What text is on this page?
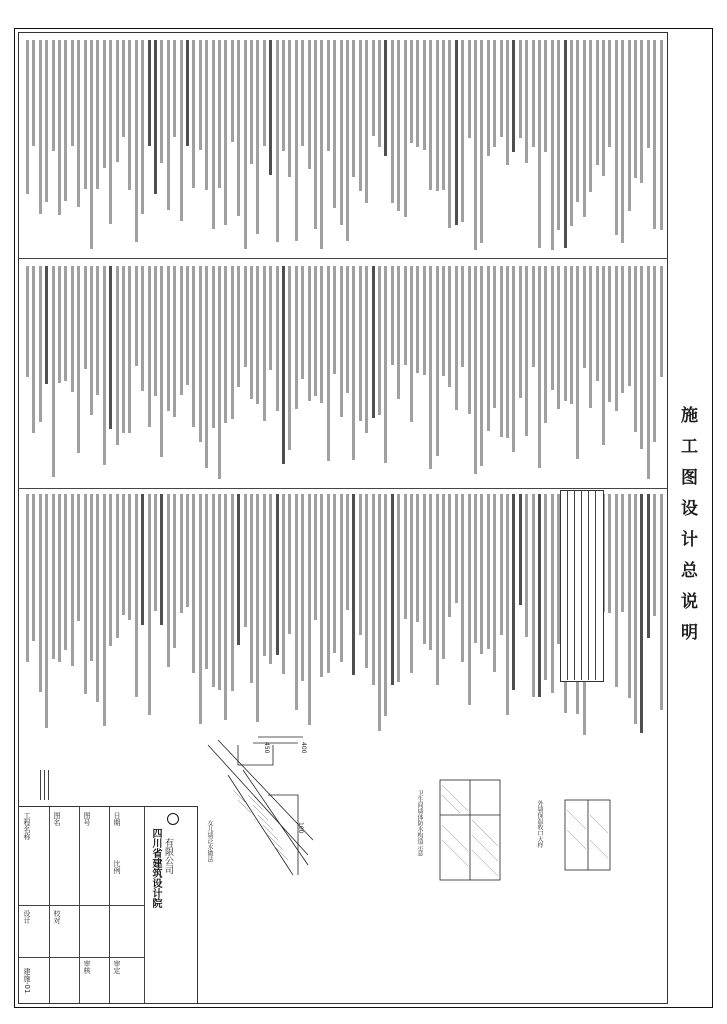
施工图设计总说明
450	400
100
女儿墙泛水做法	卫生间墙体防水构造示意	外墙保温收口大样
四川省建筑设计院 有限公司
工程名称	图名	图号	日期
比例
设计	校对
审核	审定
建施-01
